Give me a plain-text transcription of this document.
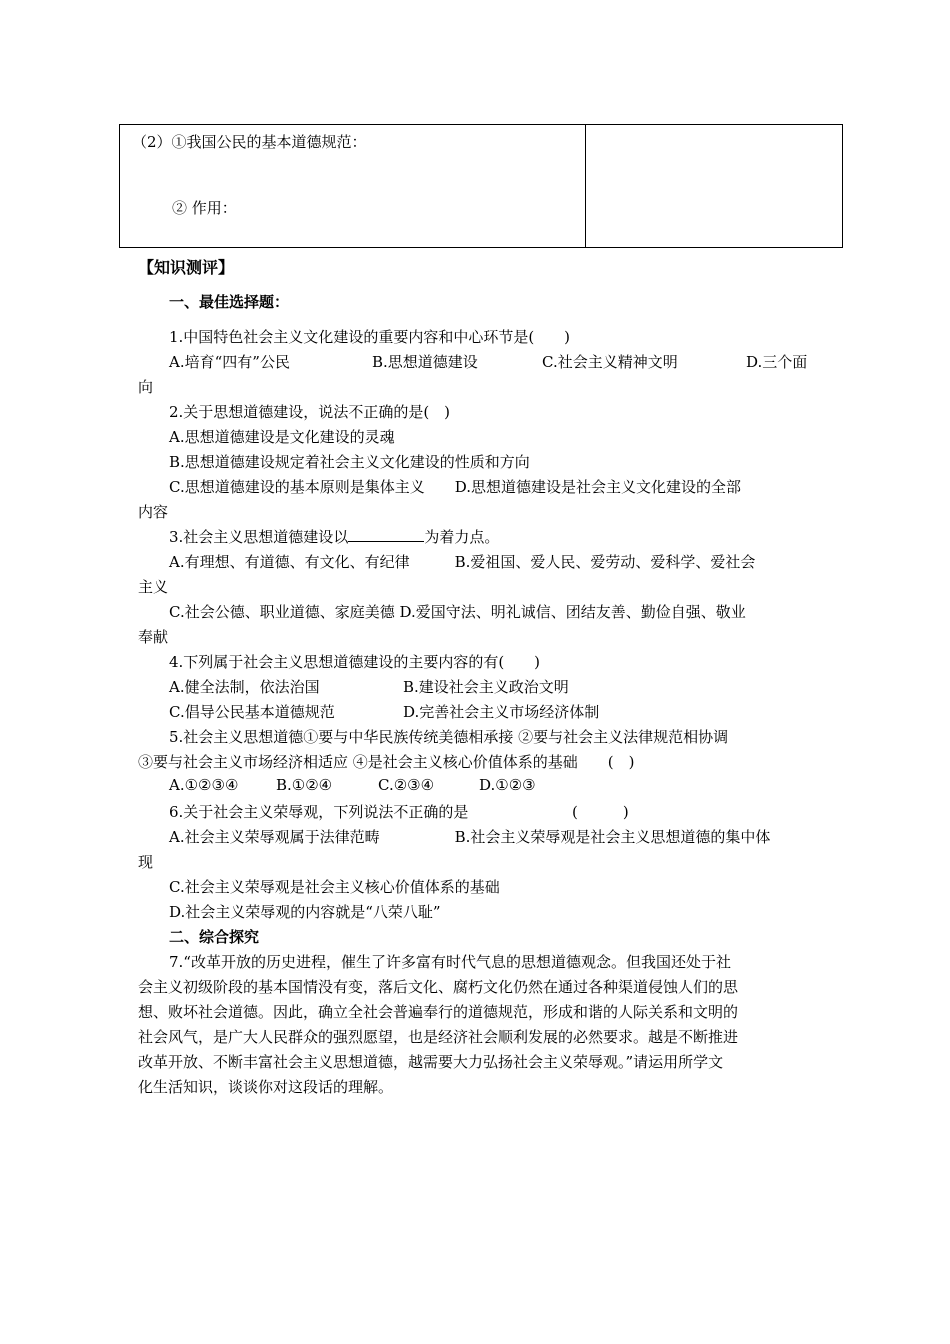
（2）①我国公民的基本道德规范：
② 作用：
【知识测评】
一、最佳选择题：
1.中国特色社会主义文化建设的重要内容和中心环节是(　　)
A.培育“四有”公民	B.思想道德建设	C.社会主义精神文明	D.三个面
向
2.关于思想道德建设，说法不正确的是(　)
A.思想道德建设是文化建设的灵魂
B.思想道德建设规定着社会主义文化建设的性质和方向
C.思想道德建设的基本原则是集体主义　　D.思想道德建设是社会主义文化建设的全部
内容
3.社会主义思想道德建设以	为着力点。
A.有理想、有道德、有文化、有纪律　　　B.爱祖国、爱人民、爱劳动、爱科学、爱社会
主义
C.社会公德、职业道德、家庭美德 D.爱国守法、明礼诚信、团结友善、勤俭自强、敬业
奉献
4.下列属于社会主义思想道德建设的主要内容的有(　　)
A.健全法制，依法治国	B.建设社会主义政治文明
C.倡导公民基本道德规范	D.完善社会主义市场经济体制
5.社会主义思想道德①要与中华民族传统美德相承接 ②要与社会主义法律规范相协调
③要与社会主义市场经济相适应 ④是社会主义核心价值体系的基础　　(　)
A.①②③④	B.①②④	C.②③④	D.①②③
6.关于社会主义荣辱观，下列说法不正确的是	(　　　)
A.社会主义荣辱观属于法律范畴　　　　　B.社会主义荣辱观是社会主义思想道德的集中体
现
C.社会主义荣辱观是社会主义核心价值体系的基础
D.社会主义荣辱观的内容就是“八荣八耻”
二、综合探究
7.“改革开放的历史进程，催生了许多富有时代气息的思想道德观念。但我国还处于社
会主义初级阶段的基本国情没有变，落后文化、腐朽文化仍然在通过各种渠道侵蚀人们的思
想、败坏社会道德。因此，确立全社会普遍奉行的道德规范，形成和谐的人际关系和文明的
社会风气，是广大人民群众的强烈愿望，也是经济社会顺利发展的必然要求。越是不断推进
改革开放、不断丰富社会主义思想道德，越需要大力弘扬社会主义荣辱观。”请运用所学文
化生活知识，谈谈你对这段话的理解。
